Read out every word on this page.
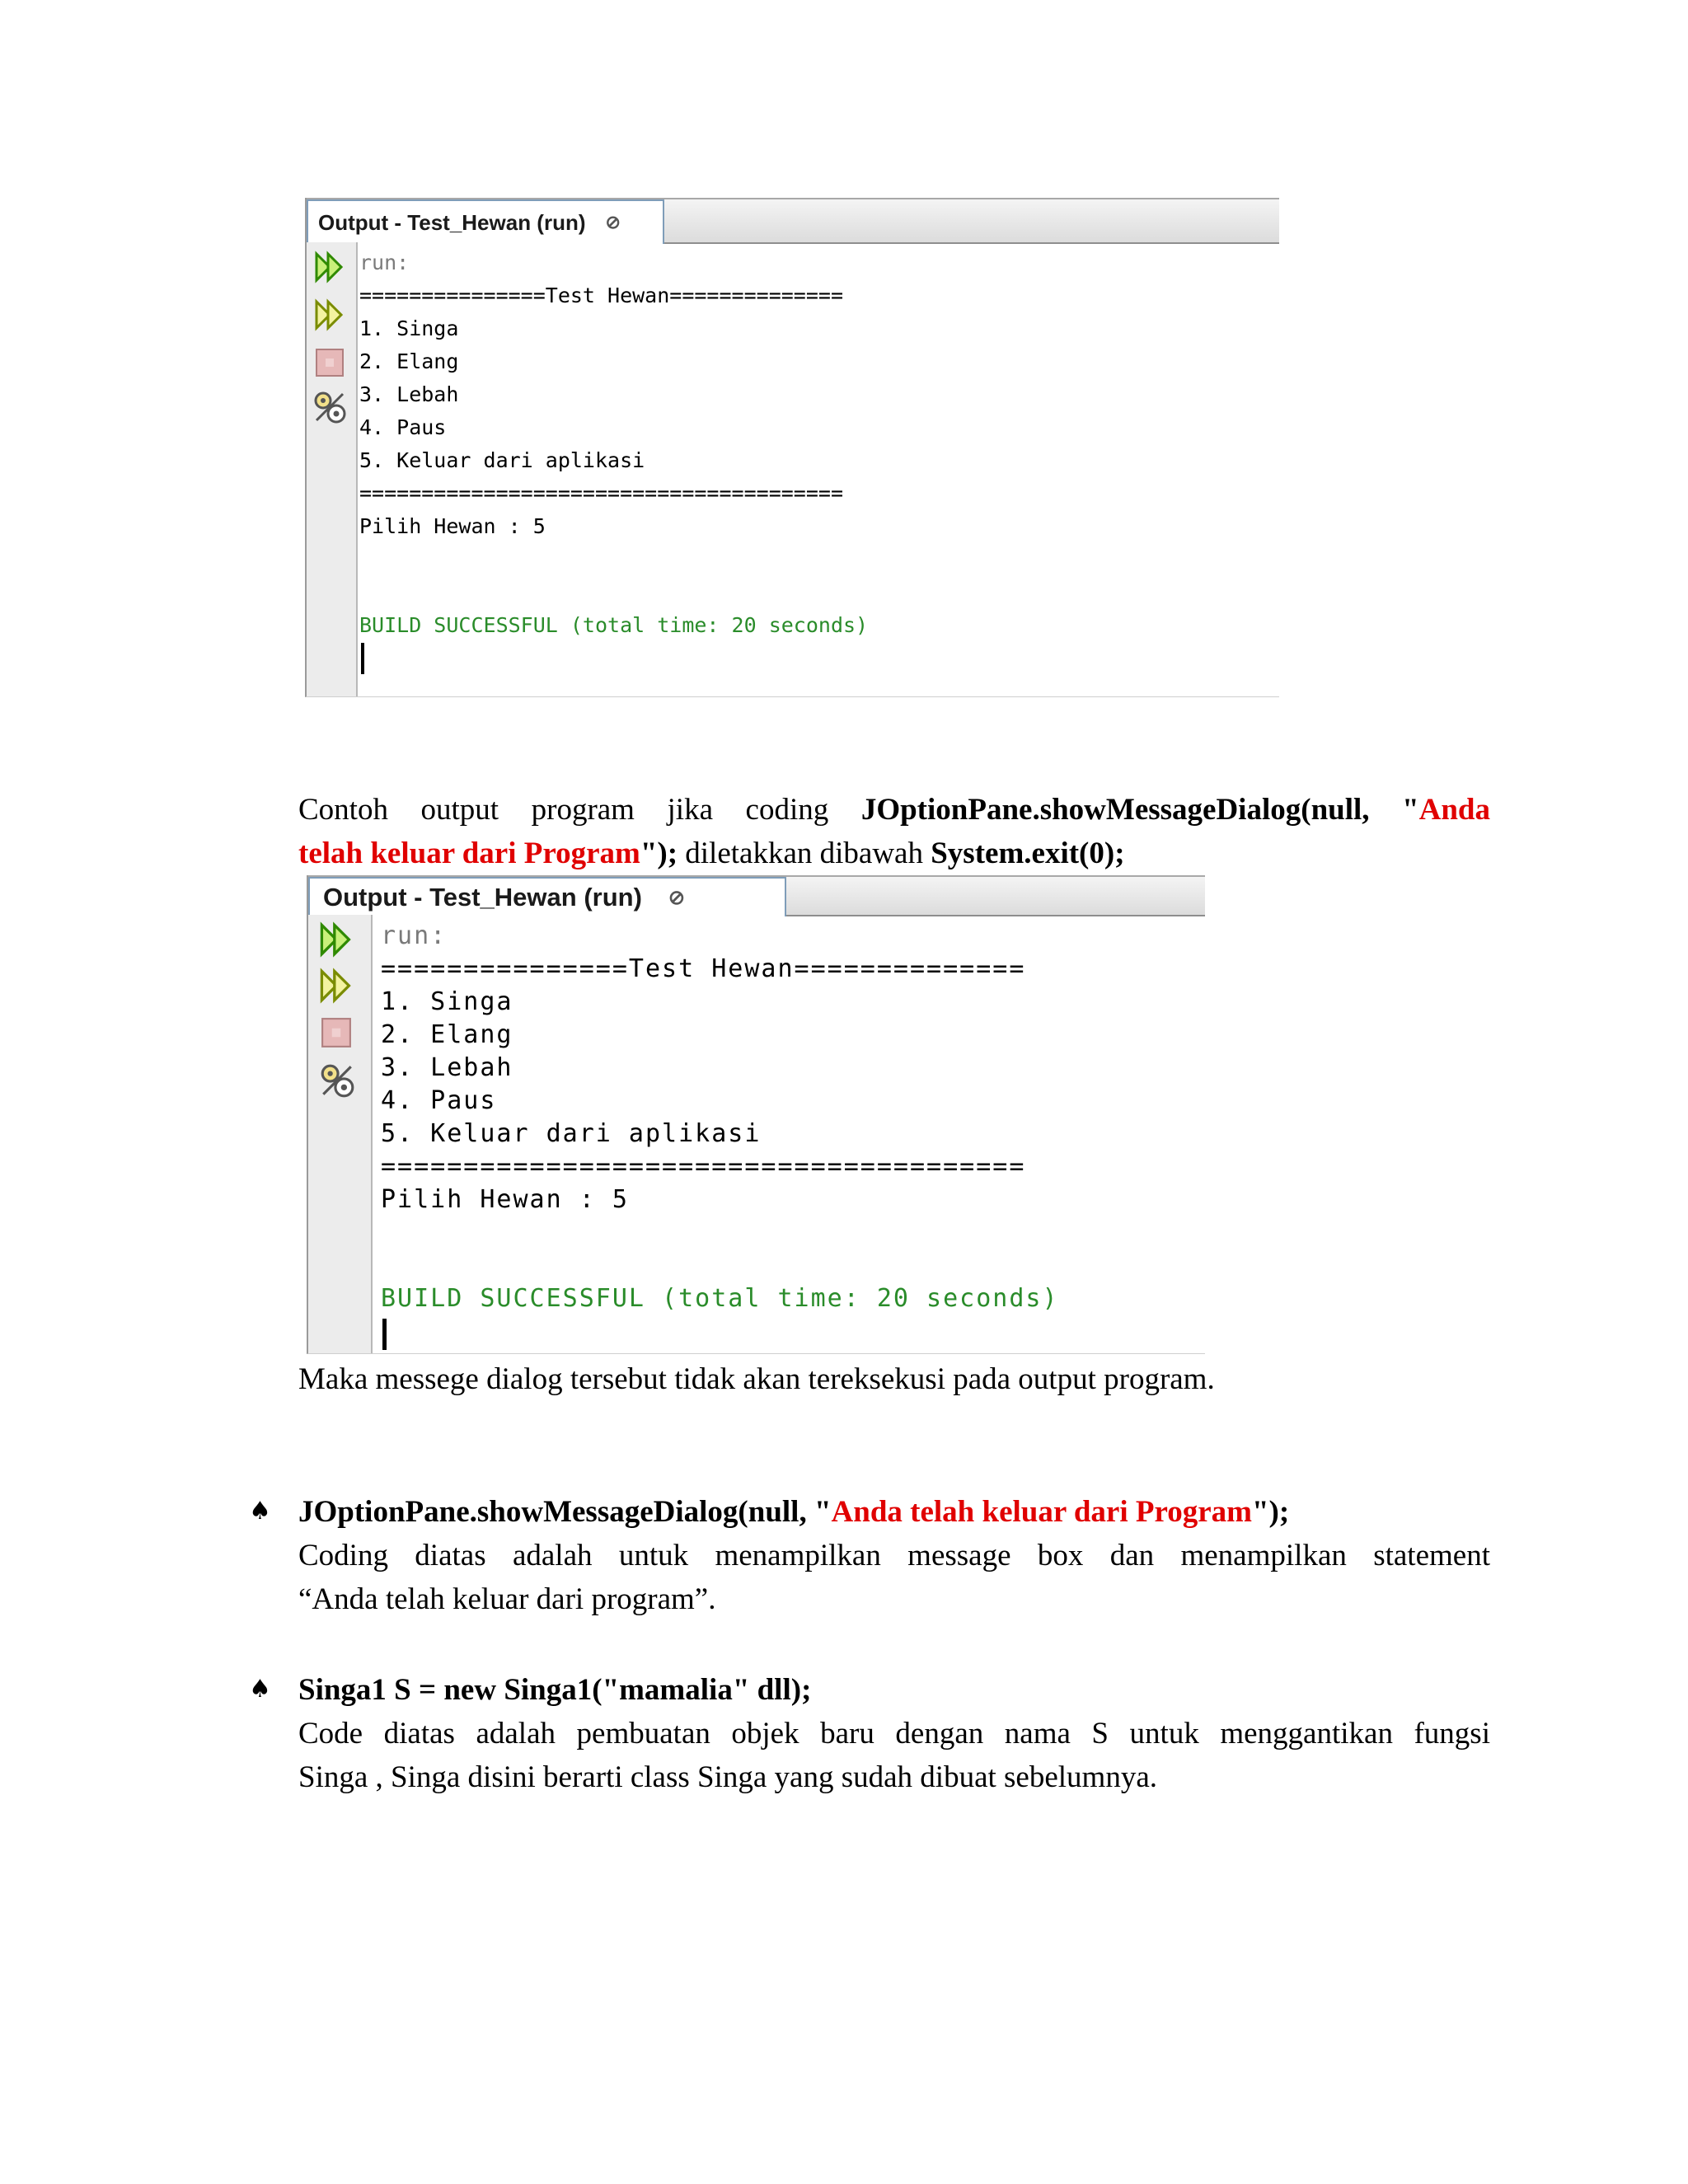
Output - Test_Hewan (run) ⊘

run:

===============Test Hewan==============

1. Singa

2. Elang

3. Lebah

4. Paus

5. Keluar dari aplikasi

=======================================

Pilih Hewan : 5

BUILD SUCCESSFUL (total time: 20 seconds)

Contoh output program jika coding JOptionPane.showMessageDialog(null, "Anda
telah keluar dari Program"); diletakkan dibawah System.exit(0);
Output - Test_Hewan (run) ⊘

run:

===============Test Hewan==============

1. Singa

2. Elang

3. Lebah

4. Paus

5. Keluar dari aplikasi

=======================================

Pilih Hewan : 5

BUILD SUCCESSFUL (total time: 20 seconds)

Maka messege dialog tersebut tidak akan tereksekusi pada output program.
♠ JOptionPane.showMessageDialog(null, "Anda telah keluar dari Program");
Coding diatas adalah untuk menampilkan message box dan menampilkan statement
“Anda telah keluar dari program”.
♠ Singa1 S = new Singa1("mamalia" dll);
Code diatas adalah pembuatan objek baru dengan nama S untuk menggantikan fungsi
Singa , Singa disini berarti class Singa yang sudah dibuat sebelumnya.
